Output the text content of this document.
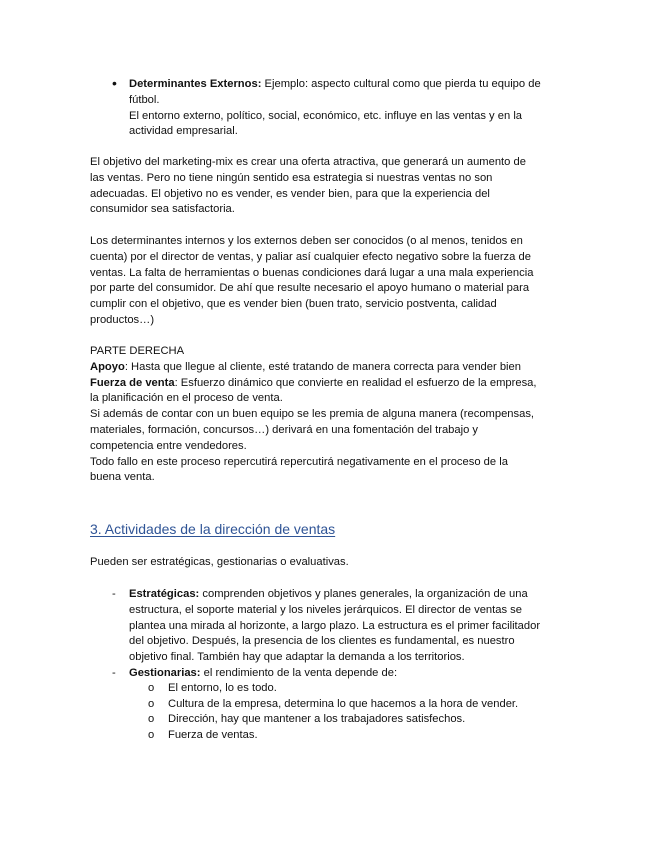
• Determinantes Externos: Ejemplo: aspecto cultural como que pierda tu equipo de

fútbol.

El entorno externo, político, social, económico, etc. influye en las ventas y en la

actividad empresarial.

El objetivo del marketing-mix es crear una oferta atractiva, que generará un aumento de

las ventas. Pero no tiene ningún sentido esa estrategia si nuestras ventas no son

adecuadas. El objetivo no es vender, es vender bien, para que la experiencia del

consumidor sea satisfactoria.

Los determinantes internos y los externos deben ser conocidos (o al menos, tenidos en

cuenta) por el director de ventas, y paliar así cualquier efecto negativo sobre la fuerza de

ventas. La falta de herramientas o buenas condiciones dará lugar a una mala experiencia

por parte del consumidor. De ahí que resulte necesario el apoyo humano o material para

cumplir con el objetivo, que es vender bien (buen trato, servicio postventa, calidad

productos…)

PARTE DERECHA

Apoyo: Hasta que llegue al cliente, esté tratando de manera correcta para vender bien

Fuerza de venta: Esfuerzo dinámico que convierte en realidad el esfuerzo de la empresa,

la planificación en el proceso de venta.

Si además de contar con un buen equipo se les premia de alguna manera (recompensas,

materiales, formación, concursos…) derivará en una fomentación del trabajo y

competencia entre vendedores.

Todo fallo en este proceso repercutirá repercutirá negativamente en el proceso de la

buena venta.

3. Actividades de la dirección de ventas

Pueden ser estratégicas, gestionarias o evaluativas.

- Estratégicas: comprenden objetivos y planes generales, la organización de una

estructura, el soporte material y los niveles jerárquicos. El director de ventas se

plantea una mirada al horizonte, a largo plazo. La estructura es el primer facilitador

del objetivo. Después, la presencia de los clientes es fundamental, es nuestro

objetivo final. También hay que adaptar la demanda a los territorios.

- Gestionarias: el rendimiento de la venta depende de:

o El entorno, lo es todo.

o Cultura de la empresa, determina lo que hacemos a la hora de vender.

o Dirección, hay que mantener a los trabajadores satisfechos.

o Fuerza de ventas.
